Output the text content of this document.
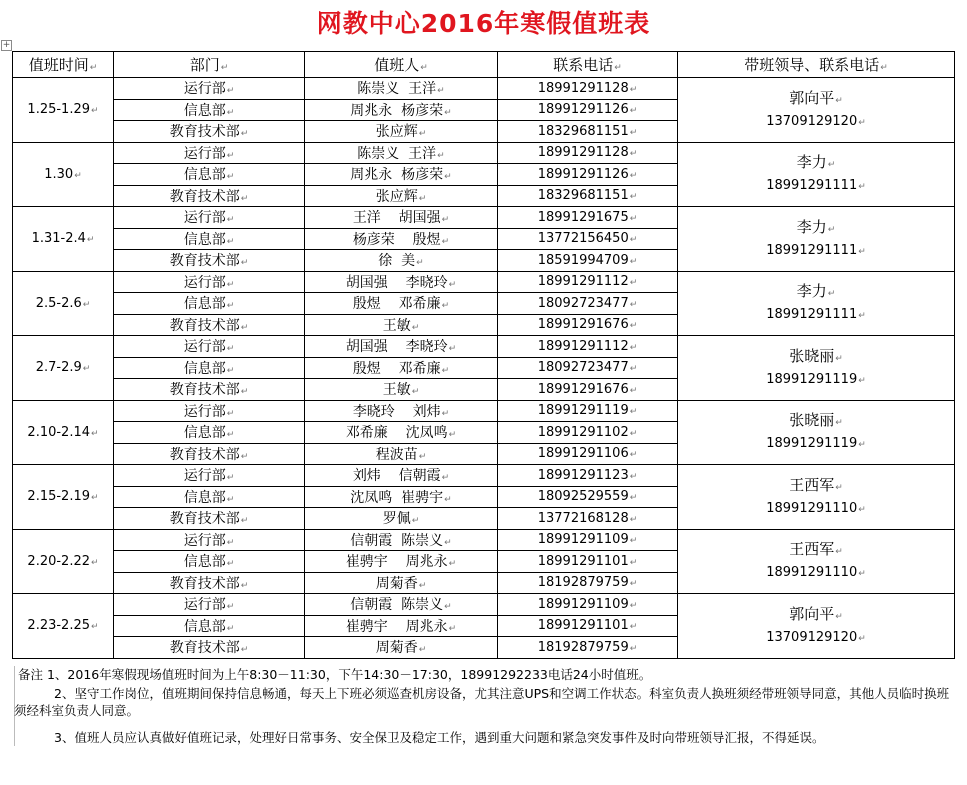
网教中心2016年寒假值班表
+
值班时间↵	部门↵	值班人↵	联系电话↵	带班领导、联系电话↵
1.25-1.29↵	运行部↵	陈崇义  王洋↵	18991291128↵	郭向平↵
13709129120↵

	信息部↵	周兆永  杨彦荣↵	18991291126↵	
	教育技术部↵	张应辉↵	18329681151↵	
1.30↵	运行部↵	陈崇义  王洋↵	18991291128↵	李力↵
18991291111↵

	信息部↵	周兆永  杨彦荣↵	18991291126↵	
	教育技术部↵	张应辉↵	18329681151↵	
1.31-2.4↵	运行部↵	王洋    胡国强↵	18991291675↵	李力↵
18991291111↵

	信息部↵	杨彦荣    殷煜↵	13772156450↵	
	教育技术部↵	徐  美↵	18591994709↵	
2.5-2.6↵	运行部↵	胡国强    李晓玲↵	18991291112↵	李力↵
18991291111↵

	信息部↵	殷煜    邓希廉↵	18092723477↵	
	教育技术部↵	王敏↵	18991291676↵	
2.7-2.9↵	运行部↵	胡国强    李晓玲↵	18991291112↵	张晓丽↵
18991291119↵

	信息部↵	殷煜    邓希廉↵	18092723477↵	
	教育技术部↵	王敏↵	18991291676↵	
2.10-2.14↵	运行部↵	李晓玲    刘炜↵	18991291119↵	张晓丽↵
18991291119↵

	信息部↵	邓希廉    沈凤鸣↵	18991291102↵	
	教育技术部↵	程波苗↵	18991291106↵	
2.15-2.19↵	运行部↵	刘炜    信朝霞↵	18991291123↵	王西军↵
18991291110↵

	信息部↵	沈凤鸣  崔骋宇↵	18092529559↵	
	教育技术部↵	罗佩↵	13772168128↵	
2.20-2.22↵	运行部↵	信朝霞  陈崇义↵	18991291109↵	王西军↵
18991291110↵

	信息部↵	崔骋宇    周兆永↵	18991291101↵	
	教育技术部↵	周菊香↵	18192879759↵	
2.23-2.25↵	运行部↵	信朝霞  陈崇义↵	18991291109↵	郭向平↵
13709129120↵

	信息部↵	崔骋宇    周兆永↵	18991291101↵	
	教育技术部↵	周菊香↵	18192879759↵	

备注 1、2016年寒假现场值班时间为上午8:30－11:30，下午14:30－17:30，18991292233电话24小时值班。

2、坚守工作岗位，值班期间保持信息畅通，每天上下班必须巡查机房设备，尤其注意UPS和空调工作状态。科室负责人换班须经带班领导同意，其他人员临时换班须经科室负责人同意。

3、值班人员应认真做好值班记录，处理好日常事务、安全保卫及稳定工作，遇到重大问题和紧急突发事件及时向带班领导汇报，不得延误。
